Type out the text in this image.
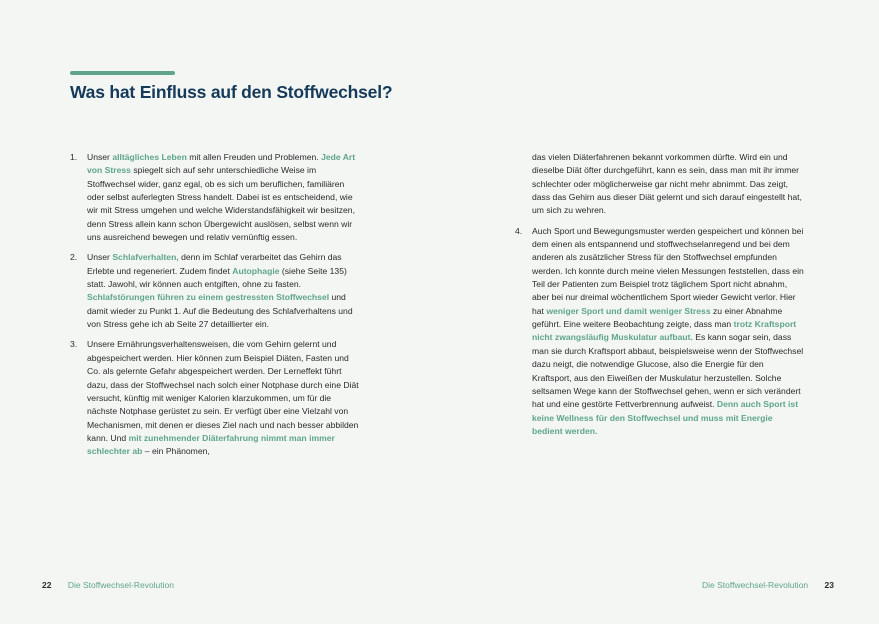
Was hat Einfluss auf den Stoffwechsel?
1.	Unser alltägliches Leben mit allen Freuden und Problemen. Jede Art von Stress spiegelt sich auf sehr unterschiedliche Weise im Stoffwechsel wider, ganz egal, ob es sich um beruflichen, familiären oder selbst auferlegten Stress handelt. Dabei ist es entscheidend, wie wir mit Stress umgehen und welche Widerstandsfähigkeit wir besitzen, denn Stress allein kann schon Übergewicht auslösen, selbst wenn wir uns ausreichend bewegen und relativ vernünftig essen.
2.	Unser Schlafverhalten, denn im Schlaf verarbeitet das Gehirn das Erlebte und regeneriert. Zudem findet Autophagie (siehe Seite 135) statt. Jawohl, wir können auch entgiften, ohne zu fasten. Schlafstörungen führen zu einem gestressten Stoffwechsel und damit wieder zu Punkt 1. Auf die Bedeutung des Schlafverhaltens und von Stress gehe ich ab Seite 27 detaillierter ein.
3.	Unsere Ernährungsverhaltensweisen, die vom Gehirn gelernt und abgespeichert werden. Hier können zum Beispiel Diäten, Fasten und Co. als gelernte Gefahr abgespeichert werden. Der Lerneffekt führt dazu, dass der Stoffwechsel nach solch einer Notphase durch eine Diät versucht, künftig mit weniger Kalorien klarzukommen, um für die nächste Notphase gerüstet zu sein. Er verfügt über eine Vielzahl von Mechanismen, mit denen er dieses Ziel nach und nach besser abbilden kann. Und mit zunehmender Diäterfahrung nimmt man immer schlechter ab – ein Phänomen,
das vielen Diäterfahrenen bekannt vorkommen dürfte. Wird ein und dieselbe Diät öfter durchgeführt, kann es sein, dass man mit ihr immer schlechter oder möglicherweise gar nicht mehr abnimmt. Das zeigt, dass das Gehirn aus dieser Diät gelernt und sich darauf eingestellt hat, um sich zu wehren.
4.	Auch Sport und Bewegungsmuster werden gespeichert und können bei dem einen als entspannend und stoffwechselanregend und bei dem anderen als zusätzlicher Stress für den Stoffwechsel empfunden werden. Ich konnte durch meine vielen Messungen feststellen, dass ein Teil der Patienten zum Beispiel trotz täglichem Sport nicht abnahm, aber bei nur dreimal wöchentlichem Sport wieder Gewicht verlor. Hier hat weniger Sport und damit weniger Stress zu einer Abnahme geführt. Eine weitere Beobachtung zeigte, dass man trotz Kraftsport nicht zwangsläufig Muskulatur aufbaut. Es kann sogar sein, dass man sie durch Kraftsport abbaut, beispielsweise wenn der Stoffwechsel dazu neigt, die notwendige Glucose, also die Energie für den Kraftsport, aus den Eiweißen der Muskulatur herzustellen. Solche seltsamen Wege kann der Stoffwechsel gehen, wenn er sich verändert hat und eine gestörte Fettverbrennung aufweist. Denn auch Sport ist keine Wellness für den Stoffwechsel und muss mit Energie bedient werden.
22 Die Stoffwechsel-Revolution	Die Stoffwechsel-Revolution 23
